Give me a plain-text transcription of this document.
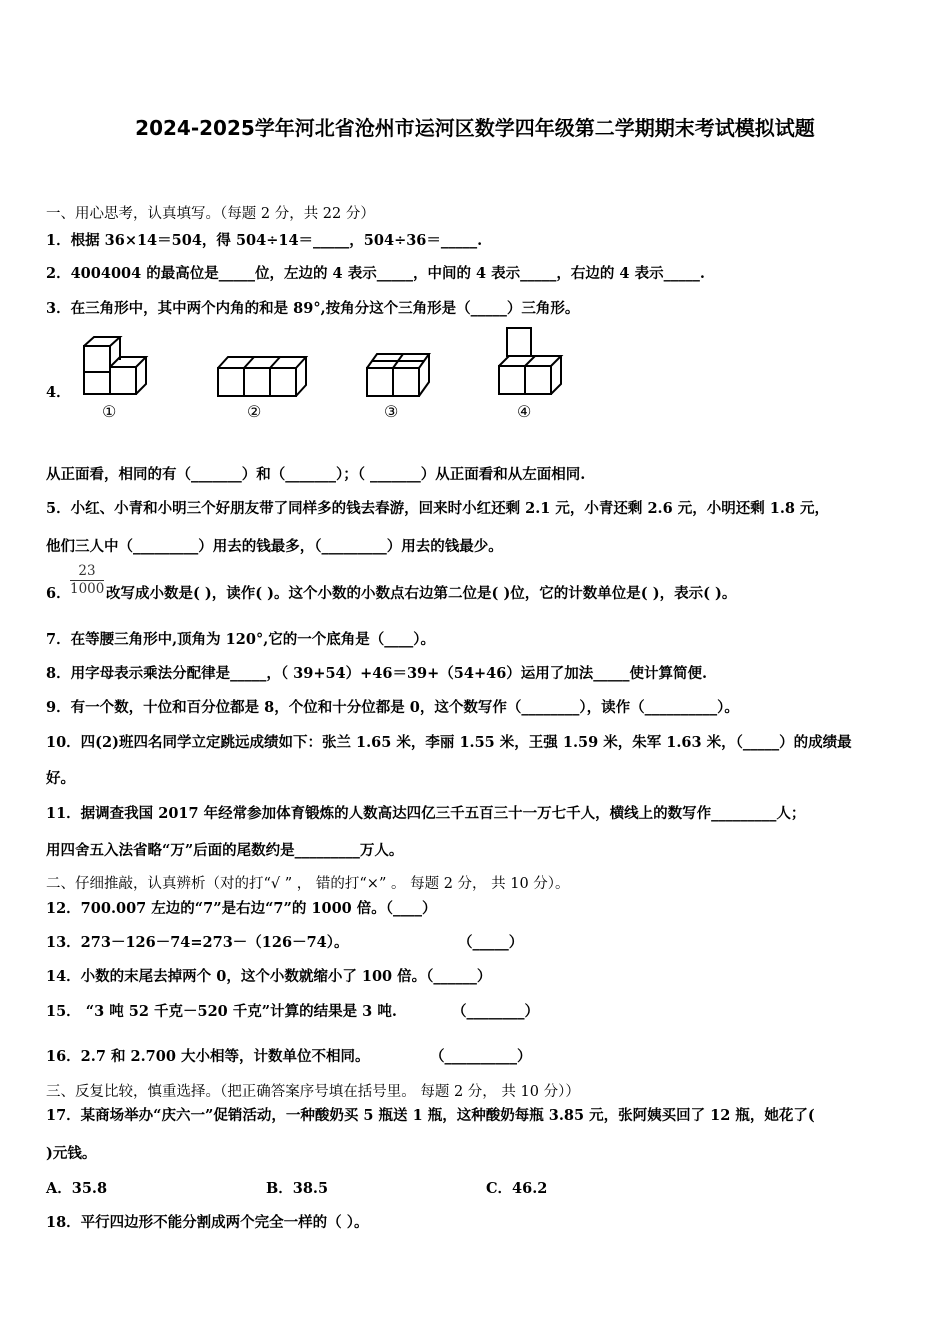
2024-2025学年河北省沧州市运河区数学四年级第二学期期末考试模拟试题
一、用心思考，认真填写。（每题 2 分，共 22 分）
1．根据 36×14＝504，得 504÷14＝_____，504÷36＝_____.
2．4004004 的最高位是_____位，左边的 4 表示_____，中间的 4 表示_____，右边的 4 表示_____.
3．在三角形中，其中两个内角的和是 89°,按角分这个三角形是（_____）三角形。
4．
①	②	③	④
从正面看，相同的有（_______）和（_______）；（ _______）从正面看和从左面相同.
5．小红、小青和小明三个好朋友带了同样多的钱去春游，回来时小红还剩 2.1 元，小青还剩 2.6 元，小明还剩 1.8 元，
他们三人中（_________）用去的钱最多，（_________）用去的钱最少。
6． $\frac{23}{1000}$ 改写成小数是( )，读作( )。这个小数的小数点右边第二位是( )位，它的计数单位是( )，表示( )。
7．在等腰三角形中,顶角为 120°,它的一个底角是（____）。
8．用字母表示乘法分配律是_____，（ 39+54）+46＝39+（54+46）运用了加法_____使计算简便.
9．有一个数，十位和百分位都是 8，个位和十分位都是 0，这个数写作（________），读作（__________）。
10．四(2)班四名同学立定跳远成绩如下：张兰 1.65 米，李丽 1.55 米，王强 1.59 米，朱军 1.63 米，（_____）的成绩最
好。
11．据调查我国 2017 年经常参加体育锻炼的人数高达四亿三千五百三十一万七千人，横线上的数写作_________人；
用四舍五入法省略“万”后面的尾数约是_________万人。
二、仔细推敲，认真辨析（对的打“√ ” ， 错的打“×” 。 每题 2 分， 共 10 分）。
12．700.007 左边的“7”是右边“7”的 1000 倍。（____）
13．273－126－74=273－（126－74）。	（_____）
14．小数的末尾去掉两个 0，这个小数就缩小了 100 倍。（______）
15． “3 吨 52 千克－520 千克”计算的结果是 3 吨.	（________）
16．2.7 和 2.700 大小相等，计数单位不相同。	（__________）
三、反复比较，慎重选择。（把正确答案序号填在括号里。 每题 2 分， 共 10 分））
17．某商场举办“庆六一”促销活动，一种酸奶买 5 瓶送 1 瓶，这种酸奶每瓶 3.85 元，张阿姨买回了 12 瓶，她花了(
)元钱。
A．35.8	B．38.5	C．46.2
18．平行四边形不能分割成两个完全一样的（ ）。
